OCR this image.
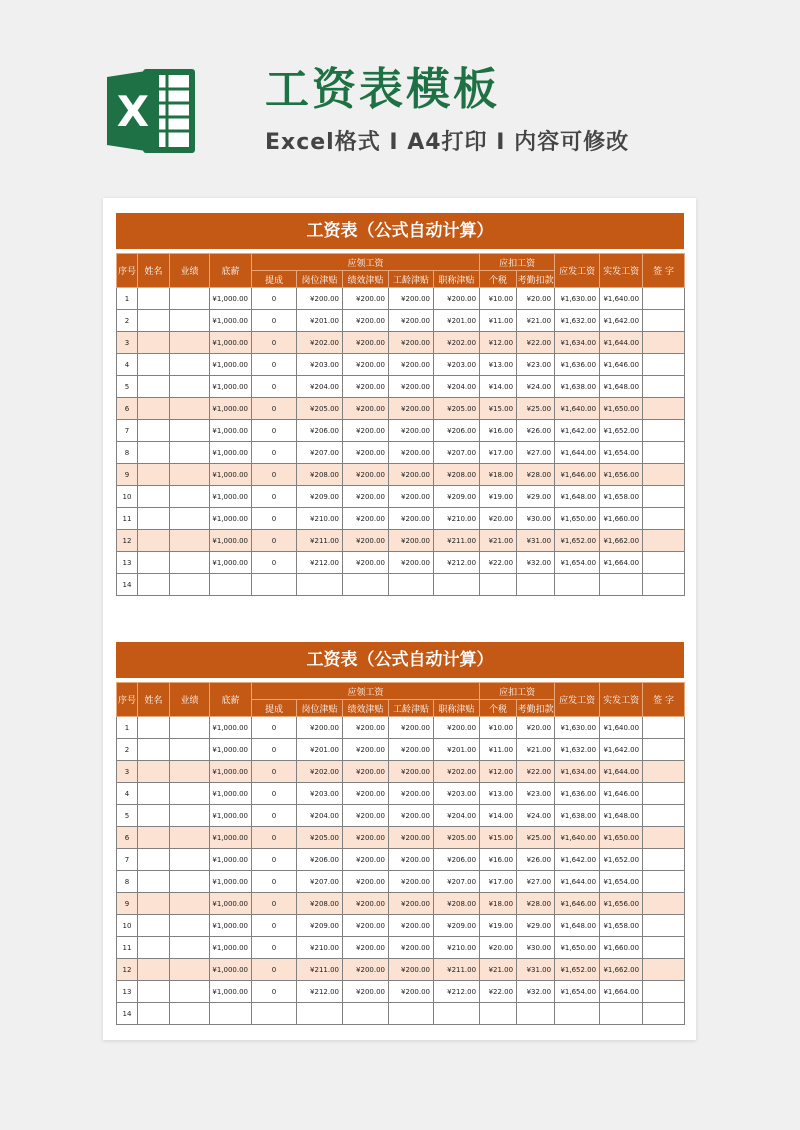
X	工资表模板
Excel格式 I A4打印 I 内容可修改
工资表（公式自动计算）
序号	姓名	业绩	底薪	应领工资					应扣工资		应发工资	实发工资	签 字
				提成	岗位津贴	绩效津贴	工龄津贴	职称津贴	个税	考勤扣款			
1			¥1,000.00	0	¥200.00	¥200.00	¥200.00	¥200.00	¥10.00	¥20.00	¥1,630.00	¥1,640.00	
2			¥1,000.00	0	¥201.00	¥200.00	¥200.00	¥201.00	¥11.00	¥21.00	¥1,632.00	¥1,642.00	
3			¥1,000.00	0	¥202.00	¥200.00	¥200.00	¥202.00	¥12.00	¥22.00	¥1,634.00	¥1,644.00	
4			¥1,000.00	0	¥203.00	¥200.00	¥200.00	¥203.00	¥13.00	¥23.00	¥1,636.00	¥1,646.00	
5			¥1,000.00	0	¥204.00	¥200.00	¥200.00	¥204.00	¥14.00	¥24.00	¥1,638.00	¥1,648.00	
6			¥1,000.00	0	¥205.00	¥200.00	¥200.00	¥205.00	¥15.00	¥25.00	¥1,640.00	¥1,650.00	
7			¥1,000.00	0	¥206.00	¥200.00	¥200.00	¥206.00	¥16.00	¥26.00	¥1,642.00	¥1,652.00	
8			¥1,000.00	0	¥207.00	¥200.00	¥200.00	¥207.00	¥17.00	¥27.00	¥1,644.00	¥1,654.00	
9			¥1,000.00	0	¥208.00	¥200.00	¥200.00	¥208.00	¥18.00	¥28.00	¥1,646.00	¥1,656.00	
10			¥1,000.00	0	¥209.00	¥200.00	¥200.00	¥209.00	¥19.00	¥29.00	¥1,648.00	¥1,658.00	
11			¥1,000.00	0	¥210.00	¥200.00	¥200.00	¥210.00	¥20.00	¥30.00	¥1,650.00	¥1,660.00	
12			¥1,000.00	0	¥211.00	¥200.00	¥200.00	¥211.00	¥21.00	¥31.00	¥1,652.00	¥1,662.00	
13			¥1,000.00	0	¥212.00	¥200.00	¥200.00	¥212.00	¥22.00	¥32.00	¥1,654.00	¥1,664.00	
14													
工资表（公式自动计算）
序号	姓名	业绩	底薪	应领工资					应扣工资		应发工资	实发工资	签 字
				提成	岗位津贴	绩效津贴	工龄津贴	职称津贴	个税	考勤扣款			
1			¥1,000.00	0	¥200.00	¥200.00	¥200.00	¥200.00	¥10.00	¥20.00	¥1,630.00	¥1,640.00	
2			¥1,000.00	0	¥201.00	¥200.00	¥200.00	¥201.00	¥11.00	¥21.00	¥1,632.00	¥1,642.00	
3			¥1,000.00	0	¥202.00	¥200.00	¥200.00	¥202.00	¥12.00	¥22.00	¥1,634.00	¥1,644.00	
4			¥1,000.00	0	¥203.00	¥200.00	¥200.00	¥203.00	¥13.00	¥23.00	¥1,636.00	¥1,646.00	
5			¥1,000.00	0	¥204.00	¥200.00	¥200.00	¥204.00	¥14.00	¥24.00	¥1,638.00	¥1,648.00	
6			¥1,000.00	0	¥205.00	¥200.00	¥200.00	¥205.00	¥15.00	¥25.00	¥1,640.00	¥1,650.00	
7			¥1,000.00	0	¥206.00	¥200.00	¥200.00	¥206.00	¥16.00	¥26.00	¥1,642.00	¥1,652.00	
8			¥1,000.00	0	¥207.00	¥200.00	¥200.00	¥207.00	¥17.00	¥27.00	¥1,644.00	¥1,654.00	
9			¥1,000.00	0	¥208.00	¥200.00	¥200.00	¥208.00	¥18.00	¥28.00	¥1,646.00	¥1,656.00	
10			¥1,000.00	0	¥209.00	¥200.00	¥200.00	¥209.00	¥19.00	¥29.00	¥1,648.00	¥1,658.00	
11			¥1,000.00	0	¥210.00	¥200.00	¥200.00	¥210.00	¥20.00	¥30.00	¥1,650.00	¥1,660.00	
12			¥1,000.00	0	¥211.00	¥200.00	¥200.00	¥211.00	¥21.00	¥31.00	¥1,652.00	¥1,662.00	
13			¥1,000.00	0	¥212.00	¥200.00	¥200.00	¥212.00	¥22.00	¥32.00	¥1,654.00	¥1,664.00	
14													
